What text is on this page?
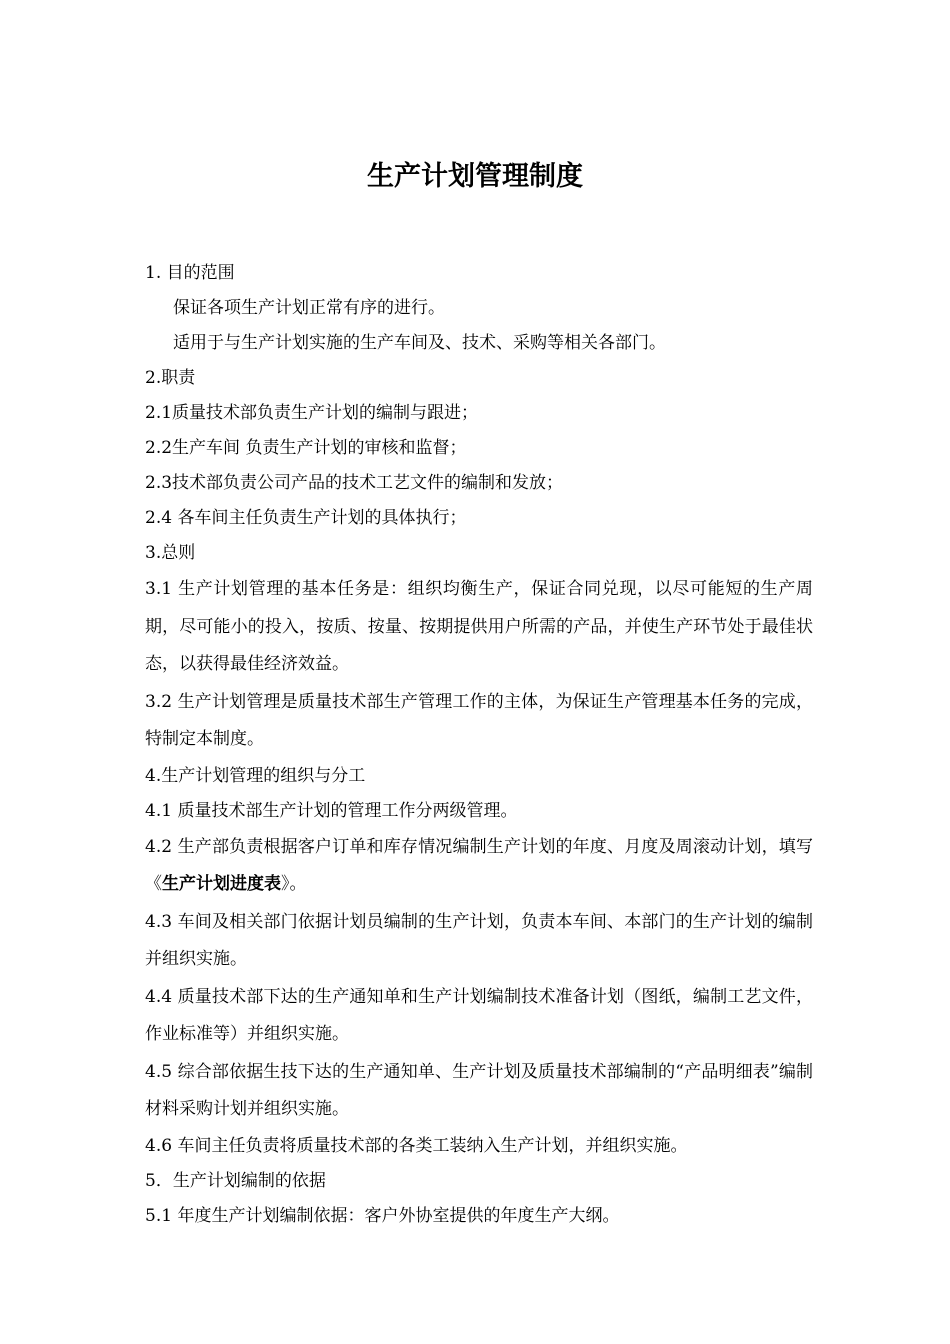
生产计划管理制度
1. 目的范围
保证各项生产计划正常有序的进行。
适用于与生产计划实施的生产车间及、技术、采购等相关各部门。
2.职责
2.1质量技术部负责生产计划的编制与跟进；
2.2生产车间 负责生产计划的审核和监督；
2.3技术部负责公司产品的技术工艺文件的编制和发放；
2.4 各车间主任负责生产计划的具体执行；
3.总则
3.1 生产计划管理的基本任务是：组织均衡生产，保证合同兑现，以尽可能短的生产周期，尽可能小的投入，按质、按量、按期提供用户所需的产品，并使生产环节处于最佳状态，以获得最佳经济效益。
3.2 生产计划管理是质量技术部生产管理工作的主体，为保证生产管理基本任务的完成，特制定本制度。
4.生产计划管理的组织与分工
4.1 质量技术部生产计划的管理工作分两级管理。
4.2 生产部负责根据客户订单和库存情况编制生产计划的年度、月度及周滚动计划，填写《生产计划进度表》。
4.3 车间及相关部门依据计划员编制的生产计划，负责本车间、本部门的生产计划的编制并组织实施。
4.4 质量技术部下达的生产通知单和生产计划编制技术准备计划（图纸，编制工艺文件，作业标准等）并组织实施。
4.5 综合部依据生技下达的生产通知单、生产计划及质量技术部编制的“产品明细表”编制材料采购计划并组织实施。
4.6 车间主任负责将质量技术部的各类工装纳入生产计划，并组织实施。
5．生产计划编制的依据
5.1 年度生产计划编制依据：客户外协室提供的年度生产大纲。
